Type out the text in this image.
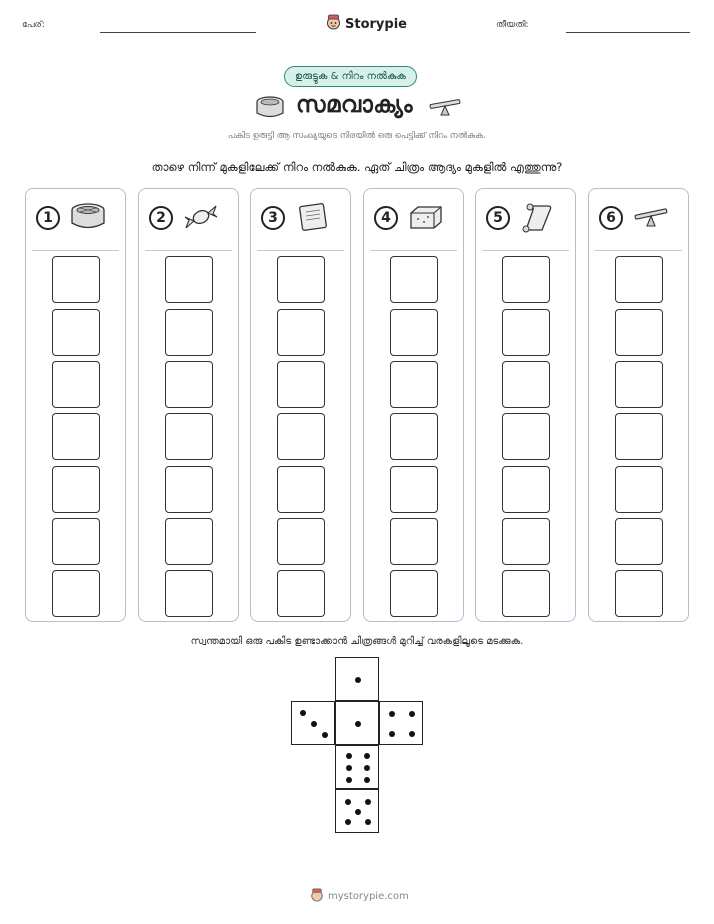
പേര്:	Storypie	തീയതി:
ഉരുട്ടുക & നിറം നൽകുക
സമവാക്യം
പകിട ഉരുട്ടി ആ സംഖ്യയുടെ നിരയിൽ ഒരു പെട്ടിക്ക് നിറം നൽകുക.
താഴെ നിന്ന് മുകളിലേക്ക് നിറം നൽകുക. ഏത് ചിത്രം ആദ്യം മുകളിൽ എത്തുന്നു?
1	2	3	4	5	6
സ്വന്തമായി ഒരു പകിട ഉണ്ടാക്കാൻ ചിത്രങ്ങൾ മുറിച്ച് വരകളിലൂടെ മടക്കുക.
mystorypie.com
